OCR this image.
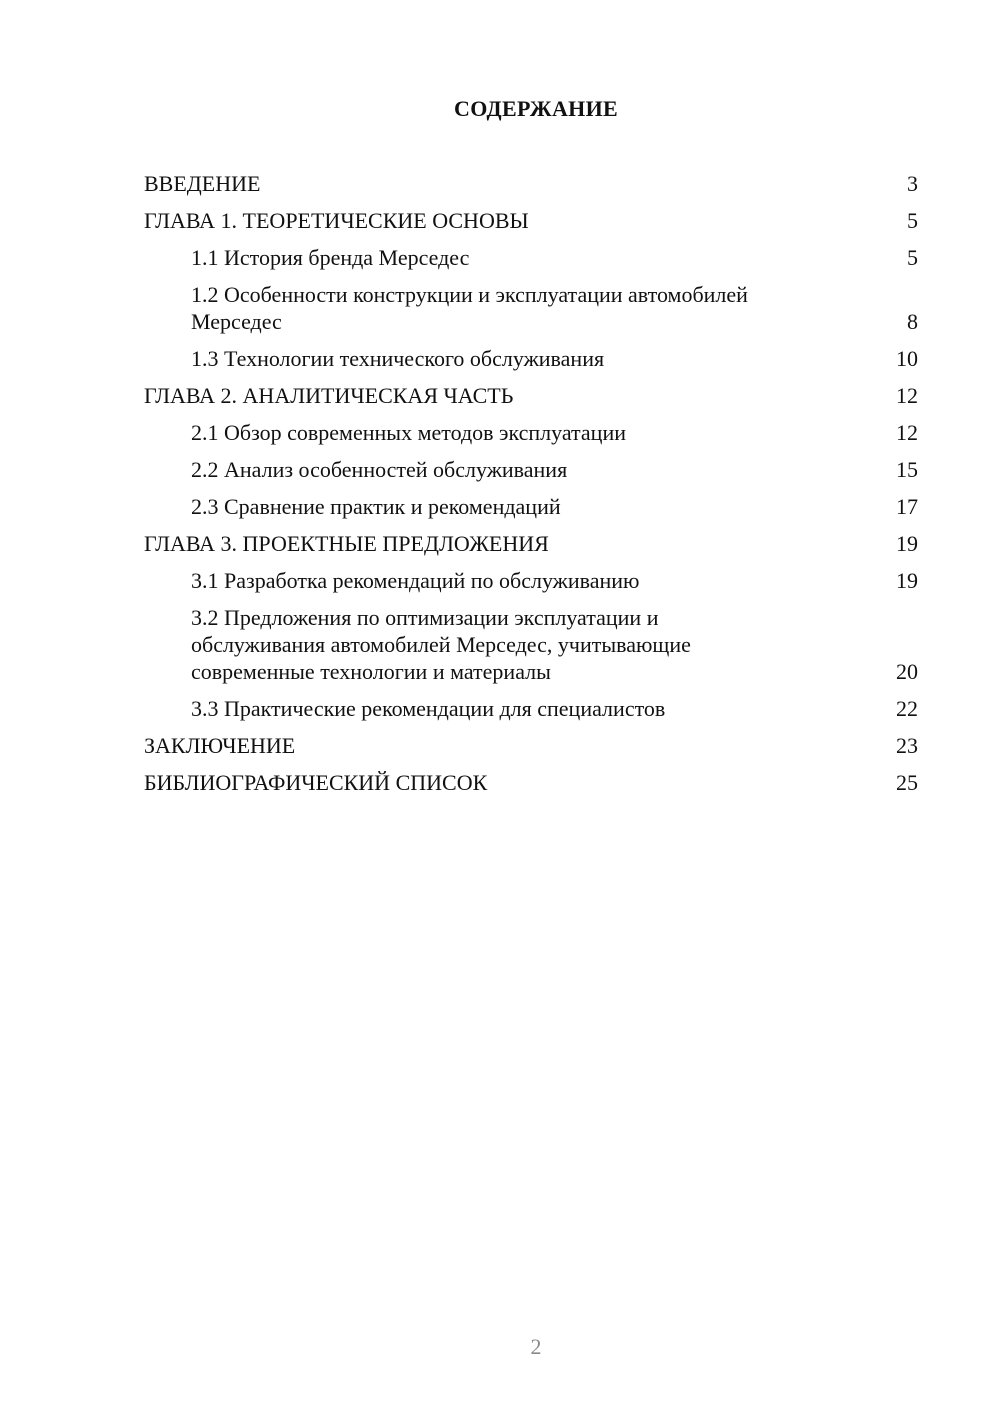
СОДЕРЖАНИЕ
ВВЕДЕНИЕ	3
ГЛАВА 1. ТЕОРЕТИЧЕСКИЕ ОСНОВЫ	5
1.1 История бренда Мерседес	5
1.2 Особенности конструкции и эксплуатации автомобилей Мерседес	8
1.3 Технологии технического обслуживания	10
ГЛАВА 2. АНАЛИТИЧЕСКАЯ ЧАСТЬ	12
2.1 Обзор современных методов эксплуатации	12
2.2 Анализ особенностей обслуживания	15
2.3 Сравнение практик и рекомендаций	17
ГЛАВА 3. ПРОЕКТНЫЕ ПРЕДЛОЖЕНИЯ	19
3.1 Разработка рекомендаций по обслуживанию	19
3.2 Предложения по оптимизации эксплуатации и обслуживания автомобилей Мерседес, учитывающие современные технологии и материалы	20
3.3 Практические рекомендации для специалистов	22
ЗАКЛЮЧЕНИЕ	23
БИБЛИОГРАФИЧЕСКИЙ СПИСОК	25
2
